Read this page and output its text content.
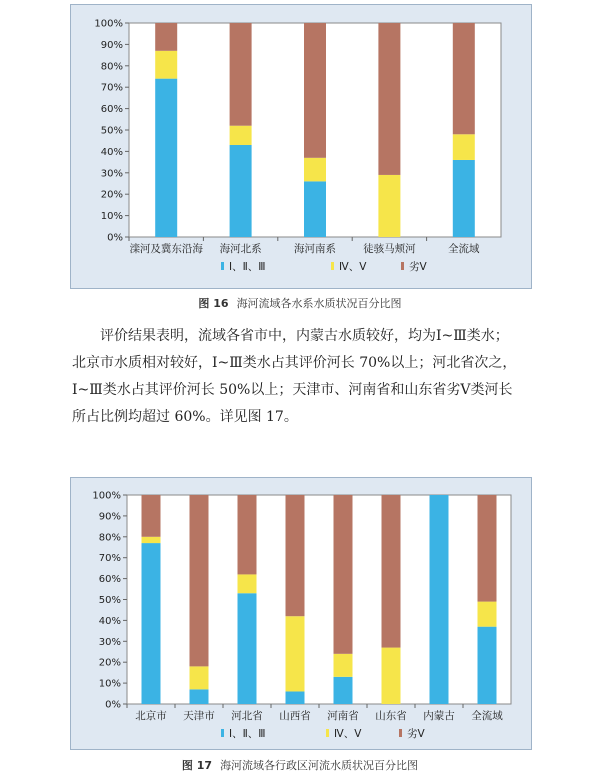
0%
10%
20%
30%
40%
50%
60%
70%
80%
90%
100%
滦河及冀东沿海 海河北系	海河南系	徒骇马颊河	全流域
Ⅰ、Ⅱ、Ⅲ	Ⅳ、Ⅴ	劣Ⅴ
图 16 海河流域各水系水质状况百分比图
评价结果表明，流域各省市中，内蒙古水质较好，均为Ⅰ~Ⅲ类水；
北京市水质相对较好，Ⅰ~Ⅲ类水占其评价河长 70%以上；河北省次之，
Ⅰ~Ⅲ类水占其评价河长 50%以上；天津市、河南省和山东省劣Ⅴ类河长
所占比例均超过 60%。详见图 17。
0%
10%
20%
30%
40%
50%
60%
70%
80%
90%
100%
北京市 天津市 河北省 山西省 河南省 山东省 内蒙古 全流域
Ⅰ、Ⅱ、Ⅲ	Ⅳ、Ⅴ	劣Ⅴ
图 17 海河流域各行政区河流水质状况百分比图
